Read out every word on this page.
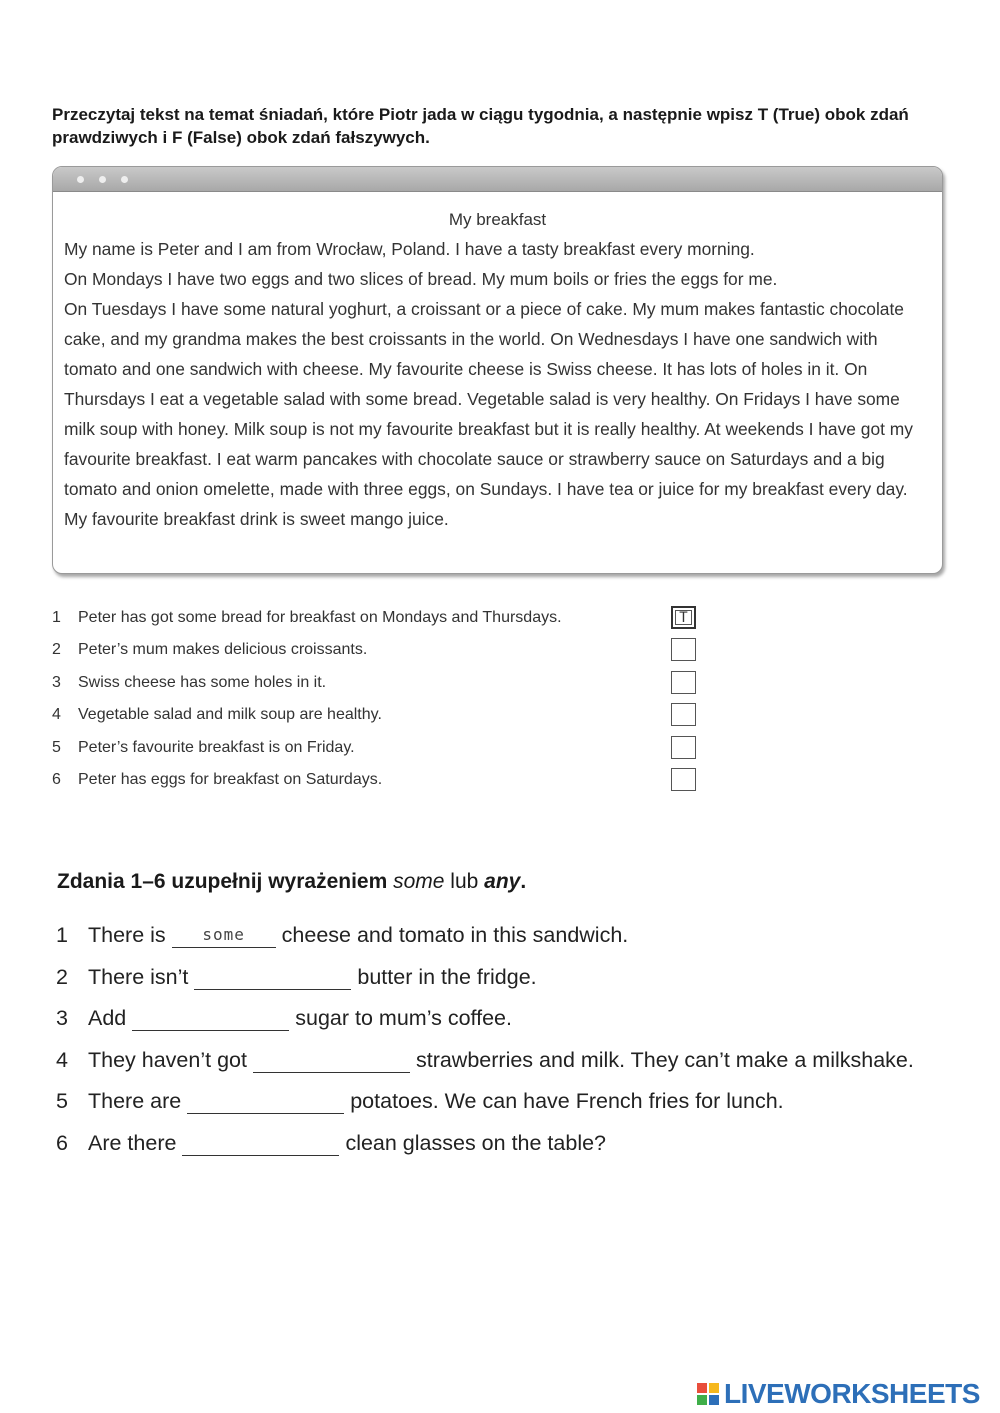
Przeczytaj tekst na temat śniadań, które Piotr jada w ciągu tygodnia, a następnie wpisz T (True) obok zdań prawdziwych i F (False) obok zdań fałszywych.
My breakfast

My name is Peter and I am from Wrocław, Poland. I have a tasty breakfast every morning.

On Mondays I have two eggs and two slices of bread. My mum boils or fries the eggs for me.

On Tuesdays I have some natural yoghurt, a croissant or a piece of cake. My mum makes fantastic chocolate cake, and my grandma makes the best croissants in the world. On Wednesdays I have one sandwich with tomato and one sandwich with cheese. My favourite cheese is Swiss cheese. It has lots of holes in it. On Thursdays I eat a vegetable salad with some bread. Vegetable salad is very healthy. On Fridays I have some milk soup with honey. Milk soup is not my favourite breakfast but it is really healthy. At weekends I have got my favourite breakfast. I eat warm pancakes with chocolate sauce or strawberry sauce on Saturdays and a big tomato and onion omelette, made with three eggs, on Sundays. I have tea or juice for my breakfast every day. My favourite breakfast drink is sweet mango juice.

1	Peter has got some bread for breakfast on Mondays and Thursdays.	T
2	Peter’s mum makes delicious croissants.
3	Swiss cheese has some holes in it.
4	Vegetable salad and milk soup are healthy.
5	Peter’s favourite breakfast is on Friday.
6	Peter has eggs for breakfast on Saturdays.
Zdania 1–6 uzupełnij wyrażeniem some lub any.
1 There is	some	cheese and tomato in this sandwich.
2 There isn’t	butter in the fridge.
3 Add	sugar to mum’s coffee.
4 They haven’t got	strawberries and milk. They can’t make a milkshake.
5 There are	potatoes. We can have French fries for lunch.
6 Are there	clean glasses on the table?
LIVEWORKSHEETS
